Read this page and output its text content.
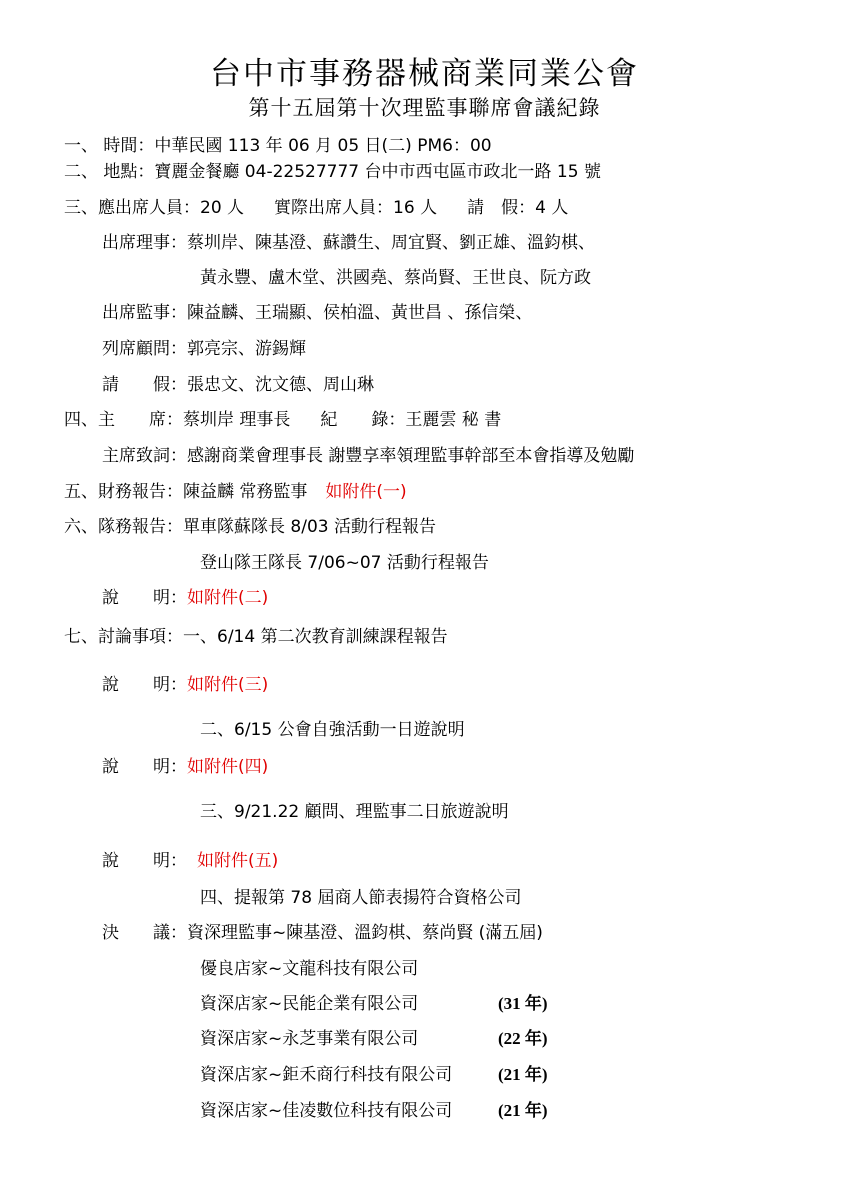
台中市事務器械商業同業公會
第十五屆第十次理監事聯席會議紀錄
一、 時間：中華民國 113 年 06 月 05 日(二) PM6：00
二、 地點：寶麗金餐廳 04-22527777 台中市西屯區市政北一路 15 號
三、應出席人員：20 人 實際出席人員：16 人 請　假：4 人
出席理事：蔡圳岸、陳基澄、蘇讚生、周宜賢、劉正雄、溫鈞棋、
黃永豐、盧木堂、洪國堯、蔡尚賢、王世良、阮方政
出席監事：陳益麟、王瑞顯、侯柏溫、黃世昌 、孫信榮、
列席顧問：郭亮宗、游錫輝
請　　假：張忠文、沈文德、周山琳
四、主　　席：蔡圳岸 理事長 紀　　錄：王麗雲 秘 書
主席致詞：感謝商業會理事長 謝豐享率領理監事幹部至本會指導及勉勵
五、財務報告：陳益麟 常務監事 如附件(一)
六、隊務報告：單車隊蘇隊長 8/03 活動行程報告
登山隊王隊長 7/06~07 活動行程報告
說　　明：如附件(二)
七、討論事項：一、6/14 第二次教育訓練課程報告
說　　明：如附件(三)
二、6/15 公會自強活動一日遊說明
說　　明：如附件(四)
三、9/21.22 顧問、理監事二日旅遊說明
說　　明： 如附件(五)
四、提報第 78 屆商人節表揚符合資格公司
決　　議：資深理監事~陳基澄、溫鈞棋、蔡尚賢 (滿五屆)
優良店家~文龍科技有限公司
資深店家~民能企業有限公司	(31 年)
資深店家~永芝事業有限公司	(22 年)
資深店家~鉅禾商行科技有限公司	(21 年)
資深店家~佳凌數位科技有限公司	(21 年)
